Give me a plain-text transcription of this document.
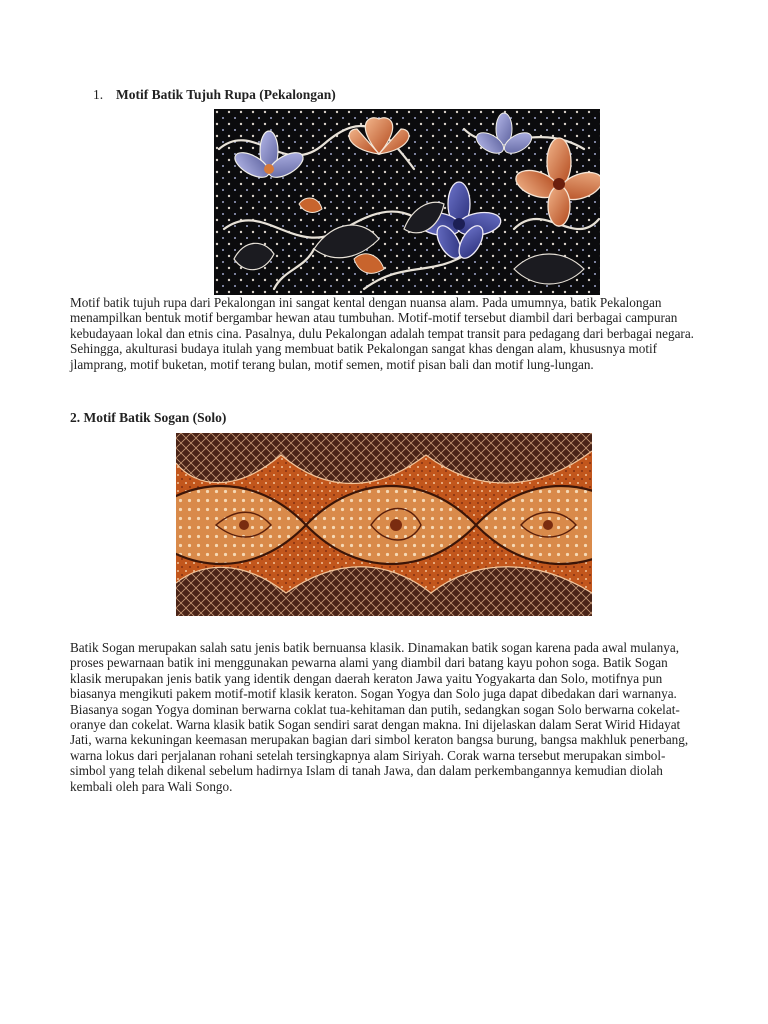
1. Motif Batik Tujuh Rupa (Pekalongan)

Motif batik tujuh rupa dari Pekalongan ini sangat kental dengan nuansa alam. Pada umumnya, batik Pekalongan menampilkan bentuk motif bergambar hewan atau tumbuhan. Motif-motif tersebut diambil dari berbagai campuran kebudayaan lokal dan etnis cina. Pasalnya, dulu Pekalongan adalah tempat transit para pedagang dari berbagai negara. Sehingga, akulturasi budaya itulah yang membuat batik Pekalongan sangat khas dengan alam, khususnya motif jlamprang, motif buketan, motif terang bulan, motif semen, motif pisan bali dan motif lung-lungan.

2. Motif Batik Sogan (Solo)

Batik Sogan merupakan salah satu jenis batik bernuansa klasik. Dinamakan batik sogan karena pada awal mulanya, proses pewarnaan batik ini menggunakan pewarna alami yang diambil dari batang kayu pohon soga. Batik Sogan klasik merupakan jenis batik yang identik dengan daerah keraton Jawa yaitu Yogyakarta dan Solo, motifnya pun biasanya mengikuti pakem motif-motif klasik keraton. Sogan Yogya dan Solo juga dapat dibedakan dari warnanya. Biasanya sogan Yogya dominan berwarna coklat tua-kehitaman dan putih, sedangkan sogan Solo berwarna cokelat-oranye dan cokelat. Warna klasik batik Sogan sendiri sarat dengan makna. Ini dijelaskan dalam Serat Wirid Hidayat Jati, warna kekuningan keemasan merupakan bagian dari simbol keraton bangsa burung, bangsa makhluk penerbang, warna lokus dari perjalanan rohani setelah tersingkapnya alam Siriyah. Corak warna tersebut merupakan simbol-simbol yang telah dikenal sebelum hadirnya Islam di tanah Jawa, dan dalam perkembangannya kemudian diolah kembali oleh para Wali Songo.
